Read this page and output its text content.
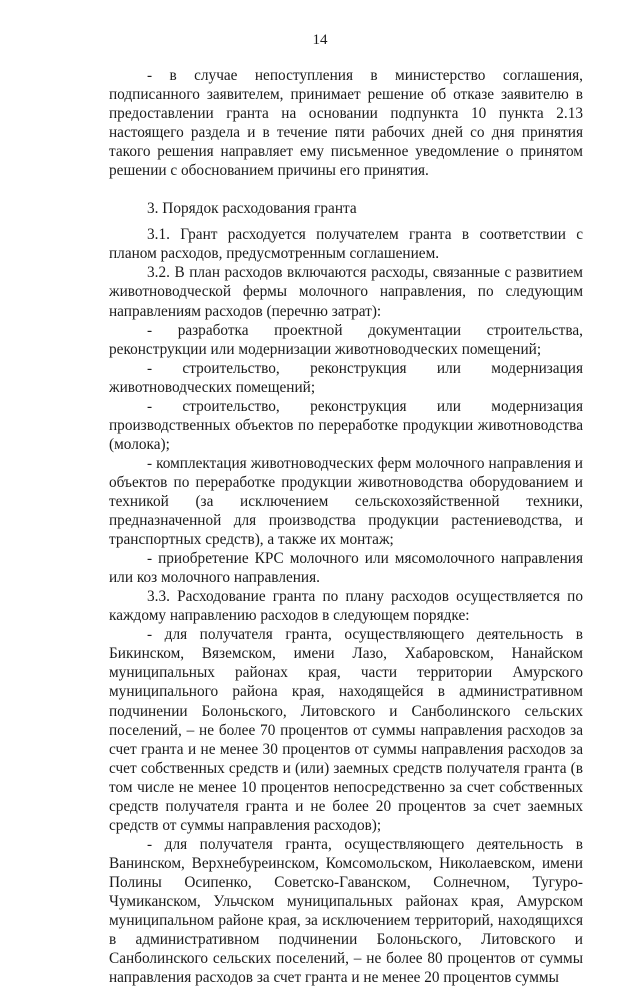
14

- в случае непоступления в министерство соглашения, подписанного заявителем, принимает решение об отказе заявителю в предоставлении гранта на основании подпункта 10 пункта 2.13 настоящего раздела и в течение пяти рабочих дней со дня принятия такого решения направляет ему письменное уведомление о принятом решении с обоснованием причины его принятия.

3. Порядок расходования гранта

3.1. Грант расходуется получателем гранта в соответствии с планом расходов, предусмотренным соглашением.

3.2. В план расходов включаются расходы, связанные с развитием животноводческой фермы молочного направления, по следующим направлениям расходов (перечню затрат):

- разработка проектной документации строительства, реконструкции или модернизации животноводческих помещений;

- строительство, реконструкция или модернизация животноводческих помещений;

- строительство, реконструкция или модернизация производственных объектов по переработке продукции животноводства (молока);

- комплектация животноводческих ферм молочного направления и объектов по переработке продукции животноводства оборудованием и техникой (за исключением сельскохозяйственной техники, предназначенной для производства продукции растениеводства, и транспортных средств), а также их монтаж;

- приобретение КРС молочного или мясомолочного направления или коз молочного направления.

3.3. Расходование гранта по плану расходов осуществляется по каждому направлению расходов в следующем порядке:

- для получателя гранта, осуществляющего деятельность в Бикинском, Вяземском, имени Лазо, Хабаровском, Нанайском муниципальных районах края, части территории Амурского муниципального района края, находящейся в административном подчинении Болоньского, Литовского и Санболинского сельских поселений, – не более 70 процентов от суммы направления расходов за счет гранта и не менее 30 процентов от суммы направления расходов за счет собственных средств и (или) заемных средств получателя гранта (в том числе не менее 10 процентов непосредственно за счет собственных средств получателя гранта и не более 20 процентов за счет заемных средств от суммы направления расходов);

- для получателя гранта, осуществляющего деятельность в Ванинском, Верхнебуреинском, Комсомольском, Николаевском, имени Полины Осипенко, Советско-Гаванском, Солнечном, Тугуро-Чумиканском, Ульчском муниципальных районах края, Амурском муниципальном районе края, за исключением территорий, находящихся в административном подчинении Болоньского, Литовского и Санболинского сельских поселений, – не более 80 процентов от суммы направления расходов за счет гранта и не менее 20 процентов суммы
